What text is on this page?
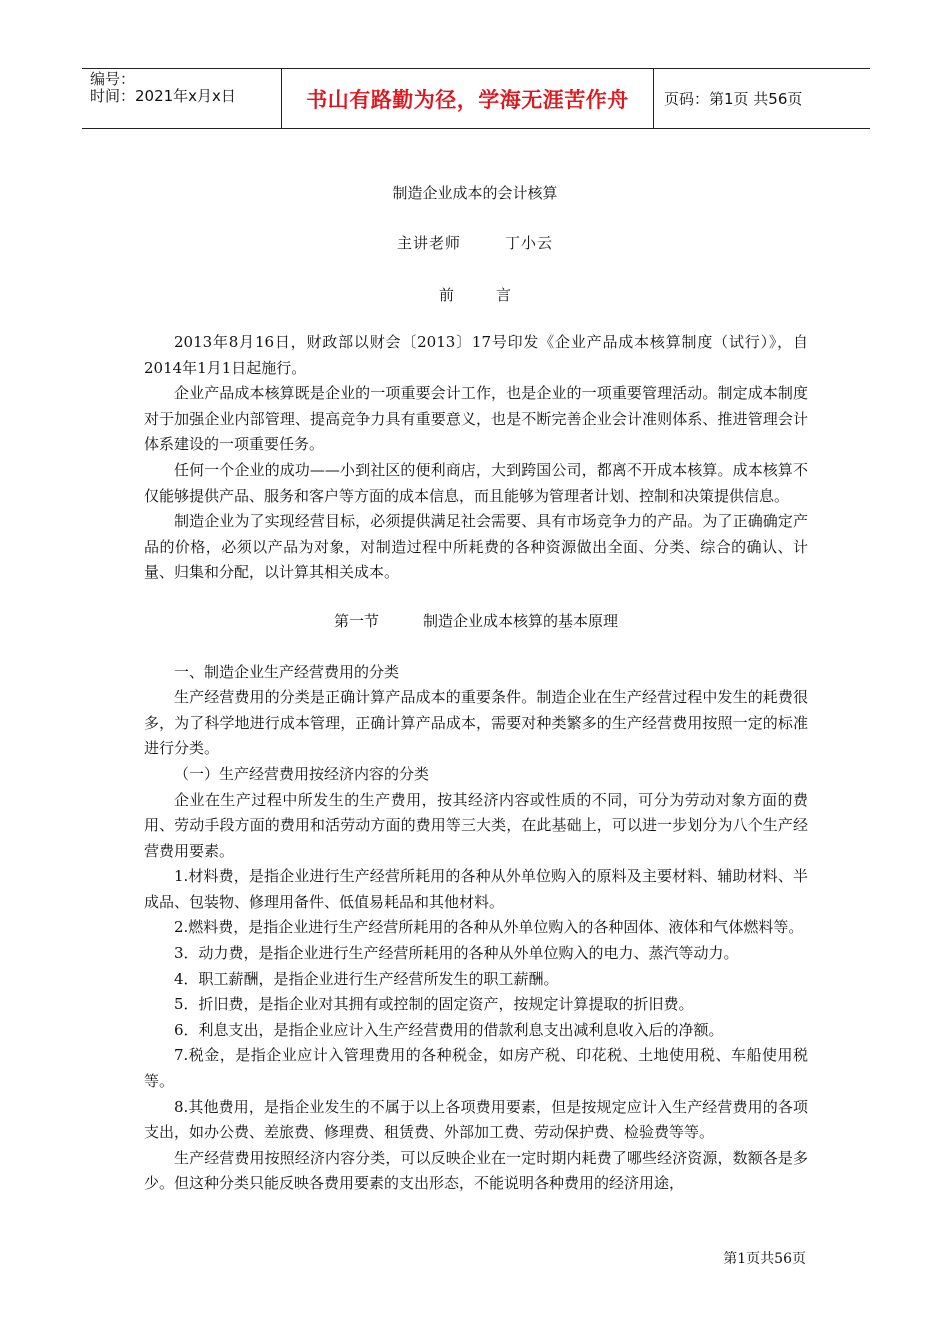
编号：
时间：2021年x月x日	书山有路勤为径，学海无涯苦作舟	页码：第1页 共56页
制造企业成本的会计核算
主讲老师	丁小云
前	言

2013年8月16日，财政部以财会〔2013〕17号印发《企业产品成本核算制度（试行）》，自2014年1月1日起施行。

企业产品成本核算既是企业的一项重要会计工作，也是企业的一项重要管理活动。制定成本制度对于加强企业内部管理、提高竞争力具有重要意义，也是不断完善企业会计准则体系、推进管理会计体系建设的一项重要任务。

任何一个企业的成功——小到社区的便利商店，大到跨国公司，都离不开成本核算。成本核算不仅能够提供产品、服务和客户等方面的成本信息，而且能够为管理者计划、控制和决策提供信息。

制造企业为了实现经营目标，必须提供满足社会需要、具有市场竞争力的产品。为了正确确定产品的价格，必须以产品为对象，对制造过程中所耗费的各种资源做出全面、分类、综合的确认、计量、归集和分配，以计算其相关成本。

第一节	制造企业成本核算的基本原理

一、制造企业生产经营费用的分类

生产经营费用的分类是正确计算产品成本的重要条件。制造企业在生产经营过程中发生的耗费很多，为了科学地进行成本管理，正确计算产品成本，需要对种类繁多的生产经营费用按照一定的标准进行分类。

（一）生产经营费用按经济内容的分类

企业在生产过程中所发生的生产费用，按其经济内容或性质的不同，可分为劳动对象方面的费用、劳动手段方面的费用和活劳动方面的费用等三大类，在此基础上，可以进一步划分为八个生产经营费用要素。

1.材料费，是指企业进行生产经营所耗用的各种从外单位购入的原料及主要材料、辅助材料、半成品、包装物、修理用备件、低值易耗品和其他材料。

2.燃料费，是指企业进行生产经营所耗用的各种从外单位购入的各种固体、液体和气体燃料等。

3．动力费，是指企业进行生产经营所耗用的各种从外单位购入的电力、蒸汽等动力。

4．职工薪酬，是指企业进行生产经营所发生的职工薪酬。

5．折旧费，是指企业对其拥有或控制的固定资产，按规定计算提取的折旧费。

6．利息支出，是指企业应计入生产经营费用的借款利息支出减利息收入后的净额。

7.税金，是指企业应计入管理费用的各种税金，如房产税、印花税、土地使用税、车船使用税等。

8.其他费用，是指企业发生的不属于以上各项费用要素，但是按规定应计入生产经营费用的各项支出，如办公费、差旅费、修理费、租赁费、外部加工费、劳动保护费、检验费等等。

生产经营费用按照经济内容分类，可以反映企业在一定时期内耗费了哪些经济资源，数额各是多少。但这种分类只能反映各费用要素的支出形态，不能说明各种费用的经济用途，

第1页共56页
